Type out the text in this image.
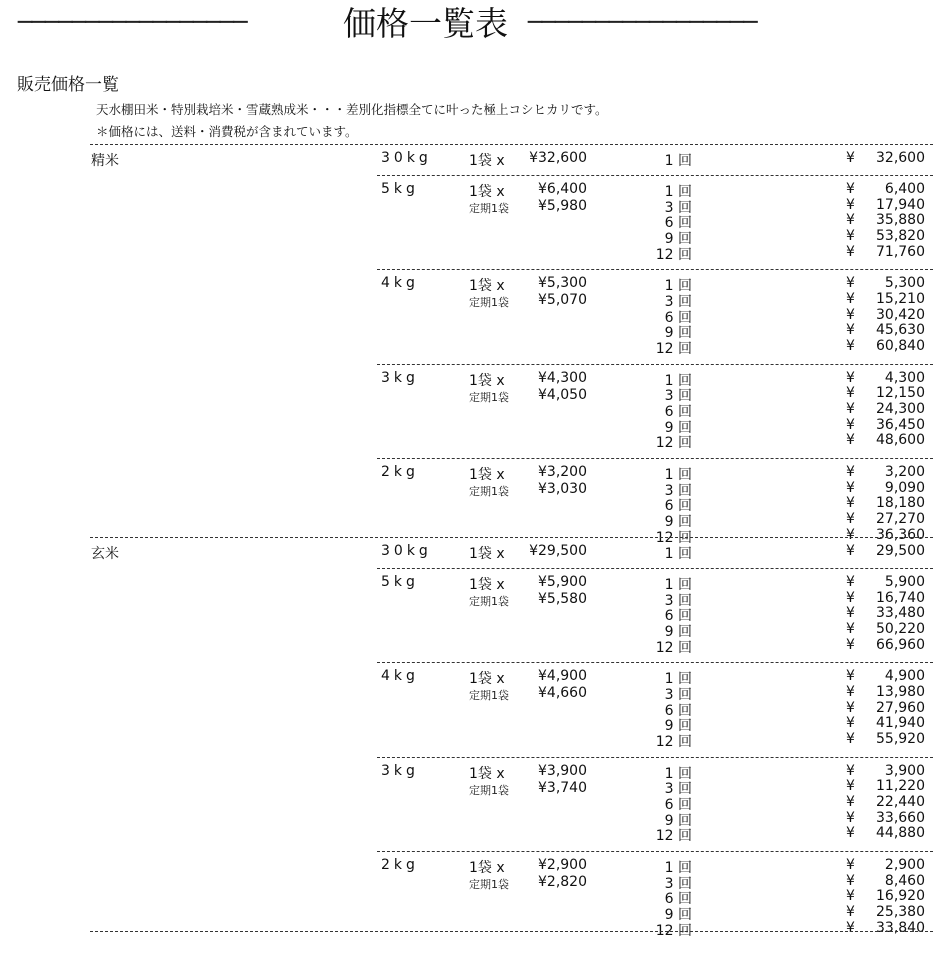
─────────────────	価格一覧表 ─────────────────
販売価格一覧
天水棚田米・特別栽培米・雪蔵熟成米・・・差別化指標全てに叶った極上コシヒカリです。
＊価格には、送料・消費税が含まれています。
精米	30kg	1袋 x	¥32,600	1 回	¥	32,600
5kg	1袋 x	¥6,400
定期1袋	¥5,980
1 回	¥	6,400
3 回	¥	17,940
6 回	¥	35,880
9 回	¥	53,820
12 回	¥	71,760
4kg	1袋 x	¥5,300
定期1袋	¥5,070
1 回	¥	5,300
3 回	¥	15,210
6 回	¥	30,420
9 回	¥	45,630
12 回	¥	60,840
3kg	1袋 x	¥4,300
定期1袋	¥4,050
1 回	¥	4,300
3 回	¥	12,150
6 回	¥	24,300
9 回	¥	36,450
12 回	¥	48,600
2kg	1袋 x	¥3,200
定期1袋	¥3,030
1 回	¥	3,200
3 回	¥	9,090
6 回	¥	18,180
9 回	¥	27,270
12 回	¥	36,360
玄米	30kg	1袋 x	¥29,500	1 回	¥	29,500
5kg	1袋 x	¥5,900
定期1袋	¥5,580
1 回	¥	5,900
3 回	¥	16,740
6 回	¥	33,480
9 回	¥	50,220
12 回	¥	66,960
4kg	1袋 x	¥4,900
定期1袋	¥4,660
1 回	¥	4,900
3 回	¥	13,980
6 回	¥	27,960
9 回	¥	41,940
12 回	¥	55,920
3kg	1袋 x	¥3,900
定期1袋	¥3,740
1 回	¥	3,900
3 回	¥	11,220
6 回	¥	22,440
9 回	¥	33,660
12 回	¥	44,880
2kg	1袋 x	¥2,900
定期1袋	¥2,820
1 回	¥	2,900
3 回	¥	8,460
6 回	¥	16,920
9 回	¥	25,380
12 回	¥	33,840
